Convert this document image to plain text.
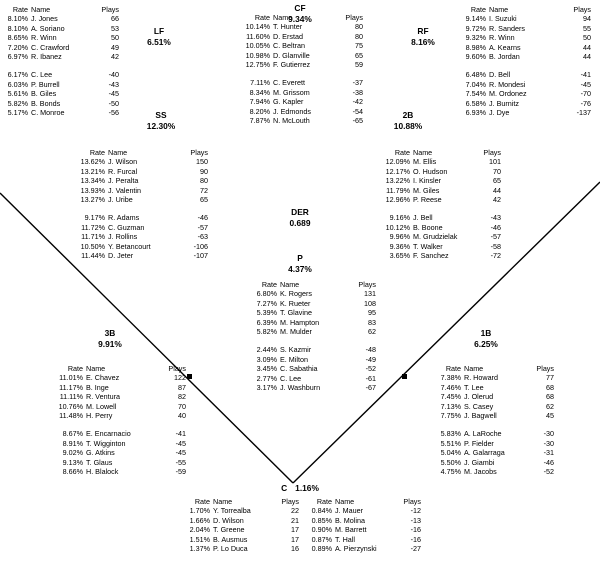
LF
6.51%
CF
9.34%
RF
8.16%
SS
12.30%
2B
10.88%
DER
0.689
P
4.37%
3B
9.91%
1B
6.25%
C 1.16%
Rate Name	Plays
8.10% J. Jones	66
8.10% A. Soriano	53
8.65% R. Winn	50
7.20% C. Crawford	49
6.97% R. Ibanez	42
6.17% C. Lee	-40
6.03% P. Burrell	-43
5.61% B. Giles	-45
5.82% B. Bonds	-50
5.17% C. Monroe	-56
Rate Name	Plays
10.14% T. Hunter	80
11.60% D. Erstad	80
10.05% C. Beltran	75
10.98% D. Glanville	65
12.75% F. Gutierrez	59
7.11% C. Everett	-37
8.34% M. Grissom	-38
7.94% G. Kapler	-42
8.20% J. Edmonds	-54
7.87% N. McLouth	-65
Rate Name	Plays
9.14% I. Suzuki	94
9.72% R. Sanders	55
9.32% R. Winn	50
8.98% A. Kearns	44
9.60% B. Jordan	44
6.48% D. Bell	-41
7.04% R. Mondesi	-45
7.54% M. Ordonez	-70
6.58% J. Burnitz	-76
6.93% J. Dye	-137
Rate Name	Plays
13.62% J. Wilson	150
13.21% R. Furcal	90
13.34% J. Peralta	80
13.93% J. Valentin	72
13.27% J. Uribe	65
9.17% R. Adams	-46
11.72% C. Guzman	-57
11.71% J. Rollins	-63
10.50% Y. Betancourt	-106
11.44% D. Jeter	-107
Rate Name	Plays
12.09% M. Ellis	101
12.17% O. Hudson	70
13.22% I. Kinsler	65
11.79% M. Giles	44
12.96% P. Reese	42
9.16% J. Bell	-43
10.12% B. Boone	-46
9.96% M. Grudzielak	-57
9.36% T. Walker	-58
3.65% F. Sanchez	-72
Rate Name	Plays
6.80% K. Rogers	131
7.27% K. Rueter	108
5.39% T. Glavine	95
6.39% M. Hampton	83
5.82% M. Mulder	62
2.44% S. Kazmir	-48
3.09% E. Milton	-49
3.45% C. Sabathia	-52
2.77% C. Lee	-61
3.17% J. Washburn	-67
Rate Name	Plays
11.01% E. Chavez	122
11.17% B. Inge	87
11.11% R. Ventura	82
10.76% M. Lowell	70
11.48% H. Perry	40
8.67% E. Encarnacio	-41
8.91% T. Wigginton	-45
9.02% G. Atkins	-45
9.13% T. Glaus	-55
8.66% H. Blalock	-59
Rate Name	Plays
7.38% R. Howard	77
7.46% T. Lee	68
7.45% J. Olerud	68
7.13% S. Casey	62
7.75% J. Bagwell	45
5.83% A. LaRoche	-30
5.51% P. Fielder	-30
5.04% A. Galarraga	-31
5.50% J. Giambi	-46
4.75% M. Jacobs	-52
Rate Name	Plays
1.70% Y. Torrealba	22
1.66% D. Wilson	21
2.04% T. Greene	17
1.51% B. Ausmus	17
1.37% P. Lo Duca	16
Rate Name	Plays
0.84% J. Mauer	-12
0.85% B. Molina	-13
0.90% M. Barrett	-16
0.87% T. Hall	-16
0.89% A. Pierzynski	-27
